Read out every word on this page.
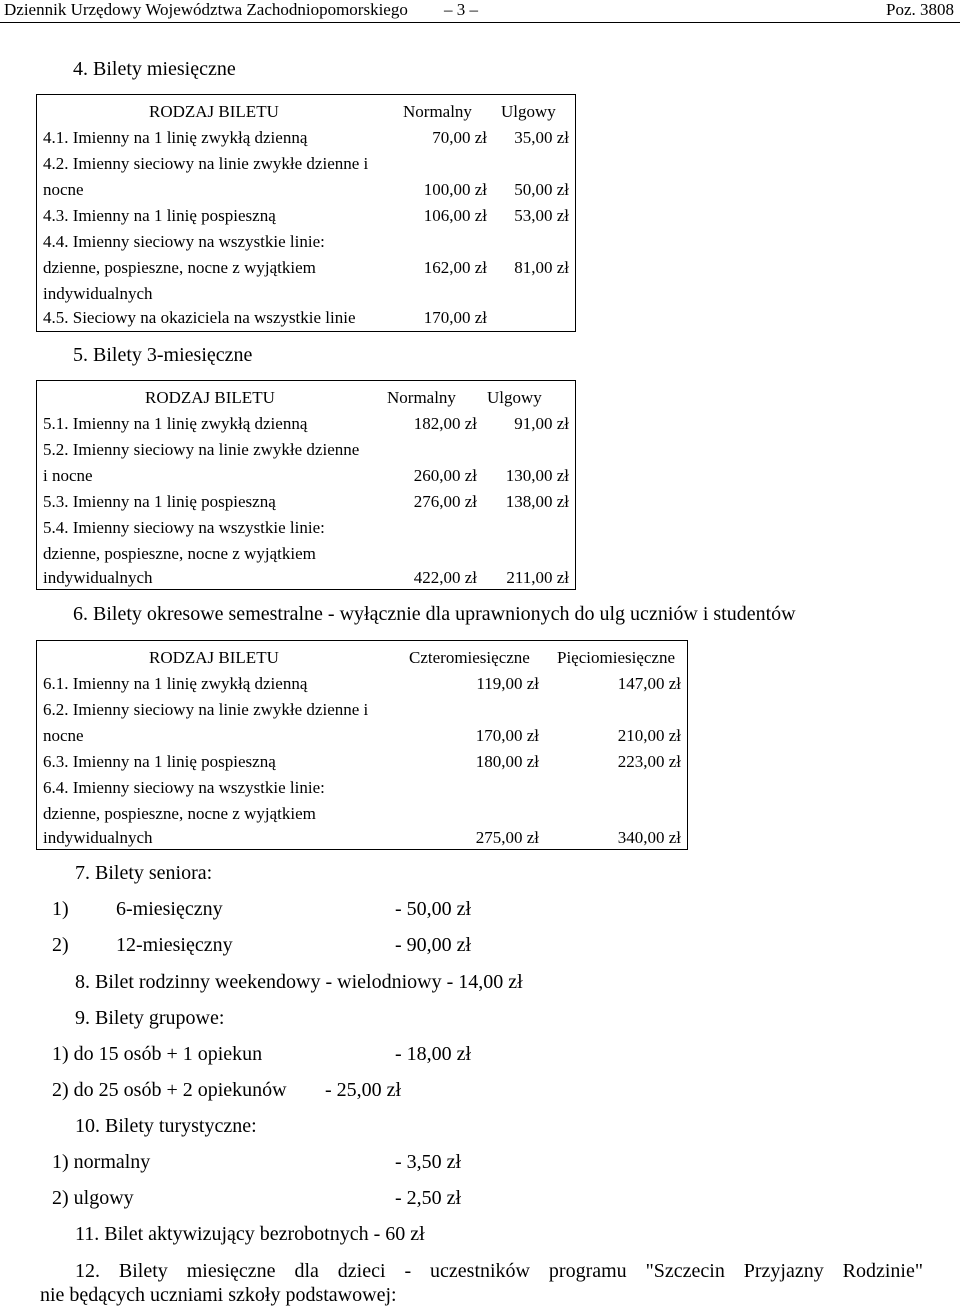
Dziennik Urzędowy Województwa Zachodniopomorskiego – 3 –	Poz. 3808
4. Bilety miesięczne
RODZAJ BILETU	Normalny Ulgowy
4.1. Imienny na 1 linię zwykłą dzienną	70,00 zł 35,00 zł
4.2. Imienny sieciowy na linie zwykłe dzienne i
nocne	100,00 zł 50,00 zł
4.3. Imienny na 1 linię pospieszną	106,00 zł 53,00 zł
4.4. Imienny sieciowy na wszystkie linie:
dzienne, pospieszne, nocne z wyjątkiem	162,00 zł 81,00 zł
indywidualnych
4.5. Sieciowy na okaziciela na wszystkie linie	170,00 zł
5. Bilety 3-miesięczne
RODZAJ BILETU	Normalny Ulgowy
5.1. Imienny na 1 linię zwykłą dzienną	182,00 zł 91,00 zł
5.2. Imienny sieciowy na linie zwykłe dzienne
i nocne	260,00 zł 130,00 zł
5.3. Imienny na 1 linię pospieszną	276,00 zł 138,00 zł
5.4. Imienny sieciowy na wszystkie linie:
dzienne, pospieszne, nocne z wyjątkiem
indywidualnych	422,00 zł 211,00 zł
6. Bilety okresowe semestralne - wyłącznie dla uprawnionych do ulg uczniów i studentów
RODZAJ BILETU	Czteromiesięczne Pięciomiesięczne
6.1. Imienny na 1 linię zwykłą dzienną	119,00 zł	147,00 zł
6.2. Imienny sieciowy na linie zwykłe dzienne i
nocne	170,00 zł	210,00 zł
6.3. Imienny na 1 linię pospieszną	180,00 zł	223,00 zł
6.4. Imienny sieciowy na wszystkie linie:
dzienne, pospieszne, nocne z wyjątkiem
indywidualnych	275,00 zł	340,00 zł
7. Bilety seniora:
1) 6-miesięczny	- 50,00 zł
2) 12-miesięczny	- 90,00 zł
8. Bilet rodzinny weekendowy - wielodniowy - 14,00 zł
9. Bilety grupowe:
1) do 15 osób + 1 opiekun	- 18,00 zł
2) do 25 osób + 2 opiekunów - 25,00 zł
10. Bilety turystyczne:
1) normalny	- 3,50 zł
2) ulgowy	- 2,50 zł
11. Bilet aktywizujący bezrobotnych - 60 zł
12. Bilety miesięczne dla dzieci - uczestników programu "Szczecin Przyjazny Rodzinie"
nie będących uczniami szkoły podstawowej:
